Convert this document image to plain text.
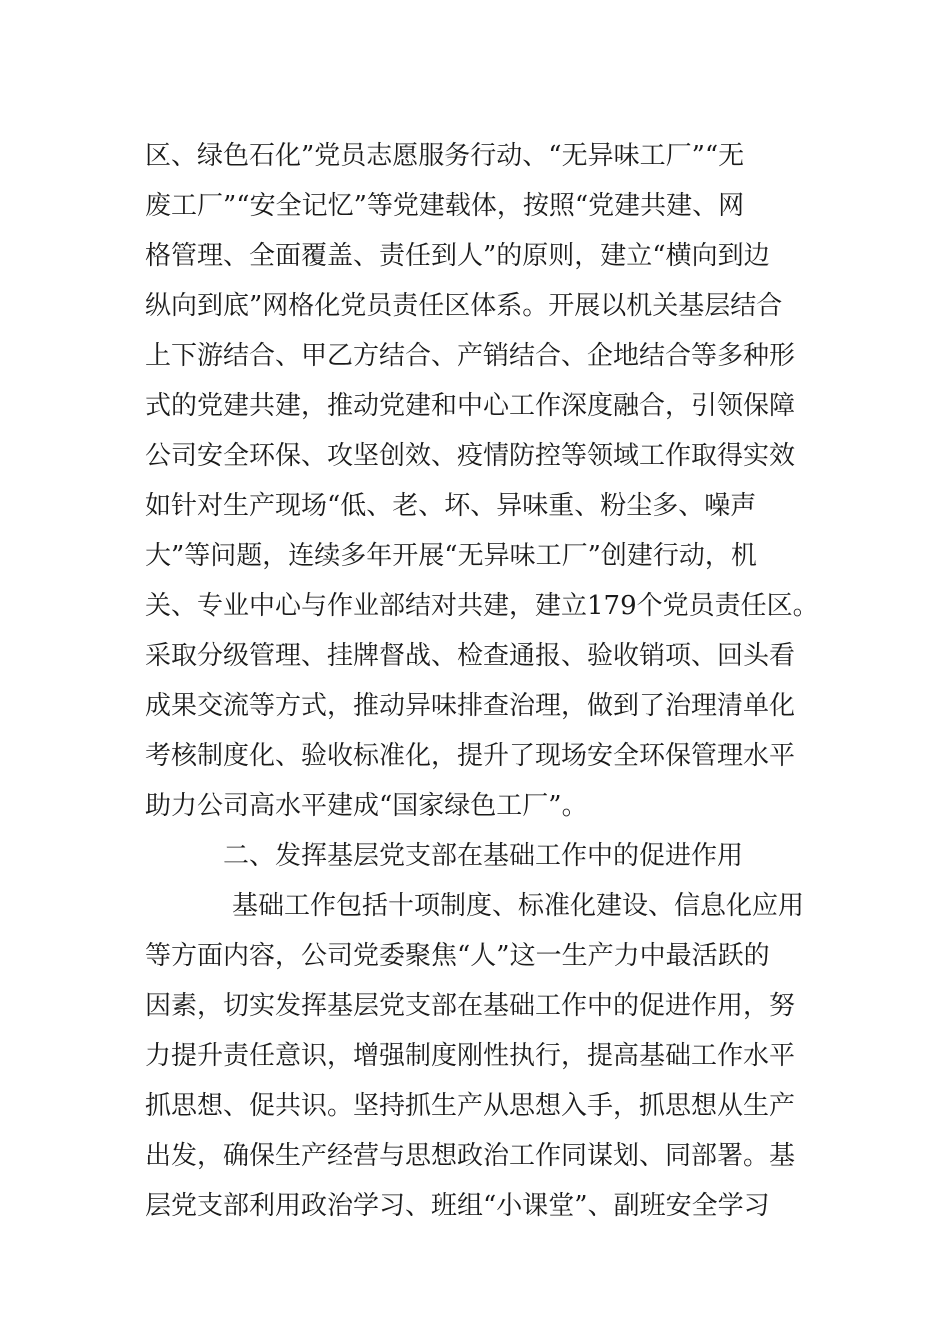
区、绿色石化”党员志愿服务行动、“无异味工厂”“无
废工厂”“安全记忆”等党建载体，按照“党建共建、网
格管理、全面覆盖、责任到人”的原则，建立“横向到边
纵向到底”网格化党员责任区体系。开展以机关基层结合
上下游结合、甲乙方结合、产销结合、企地结合等多种形
式的党建共建，推动党建和中心工作深度融合，引领保障
公司安全环保、攻坚创效、疫情防控等领域工作取得实效
如针对生产现场“低、老、坏、异味重、粉尘多、噪声
大”等问题，连续多年开展“无异味工厂”创建行动，机
关、专业中心与作业部结对共建，建立179个党员责任区。
采取分级管理、挂牌督战、检查通报、验收销项、回头看
成果交流等方式，推动异味排查治理，做到了治理清单化
考核制度化、验收标准化，提升了现场安全环保管理水平
助力公司高水平建成“国家绿色工厂”。
二、发挥基层党支部在基础工作中的促进作用
基础工作包括十项制度、标准化建设、信息化应用
等方面内容，公司党委聚焦“人”这一生产力中最活跃的
因素，切实发挥基层党支部在基础工作中的促进作用，努
力提升责任意识，增强制度刚性执行，提高基础工作水平
抓思想、促共识。坚持抓生产从思想入手，抓思想从生产
出发，确保生产经营与思想政治工作同谋划、同部署。基
层党支部利用政治学习、班组“小课堂”、副班安全学习
